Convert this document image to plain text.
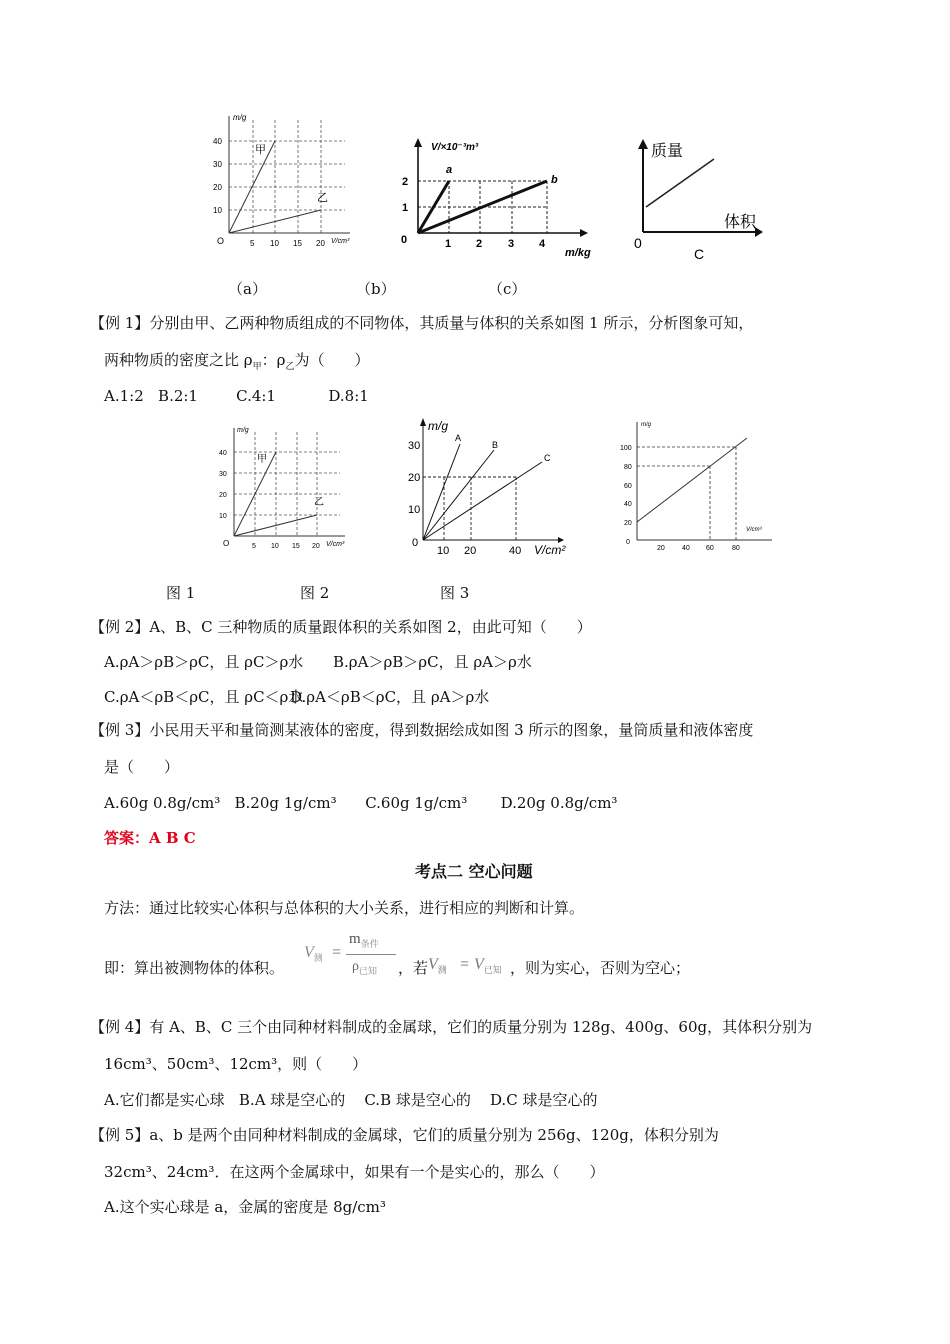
m/g
10
20
30
40
O	5 10 15 20 V/cm³
甲
乙
V/×10⁻³m³
a
b
2
1
0	1 2 3 4
m/kg
质量
体积
0
C
（a）	（b）	（c）
【例 1】分别由甲、乙两种物质组成的不同物体，其质量与体积的关系如图 1 所示，分析图象可知，
两种物质的密度之比 $\rho_甲$：$\rho_乙$为（　　）
A.1:2   B.2:1        C.4:1           D.8:1
m/g
10
20
30
40
O	5 10 15 20 V/cm³
甲
乙
m/g
A
B
C
30
20
10
0
10 20	40 V/cm²
m/g
100
80
60
40
20
0
20 40 60	80
V/cm³
图 1	图 2	图 3
【例 2】A、B、C 三种物质的质量跟体积的关系如图 2，由此可知（　　）
A.ρA＞ρB＞ρC，且 ρC＞ρ水 B.ρA＞ρB＞ρC，且 ρA＞ρ水
C.ρA＜ρB＜ρC，且 ρC＜ρ水
D.ρA＜ρB＜ρC，且 ρA＞ρ水
【例 3】小民用天平和量筒测某液体的密度，得到数据绘成如图 3 所示的图象，量筒质量和液体密度
是（　　）
A.60g 0.8g/cm³   B.20g 1g/cm³      C.60g 1g/cm³       D.20g 0.8g/cm³
答案：A B C
考点二 空心问题
方法：通过比较实心体积与总体积的大小关系，进行相应的判断和计算。
即：算出被测物体的体积。
$V_测$ =
$m_{条件}$
$\rho_{已知}$ ，若 $V_测 = V_{已知}$ ，则为实心，否则为空心；
【例 4】有 A、B、C 三个由同种材料制成的金属球，它们的质量分别为 128g、400g、60g，其体积分别为
16cm³、50cm³、12cm³，则（　　）
A.它们都是实心球   B.A 球是空心的    C.B 球是空心的    D.C 球是空心的
【例 5】a、b 是两个由同种材料制成的金属球，它们的质量分别为 256g、120g，体积分别为
32cm³、24cm³．在这两个金属球中，如果有一个是实心的，那么（　　）
A.这个实心球是 a，金属的密度是 8g/cm³
